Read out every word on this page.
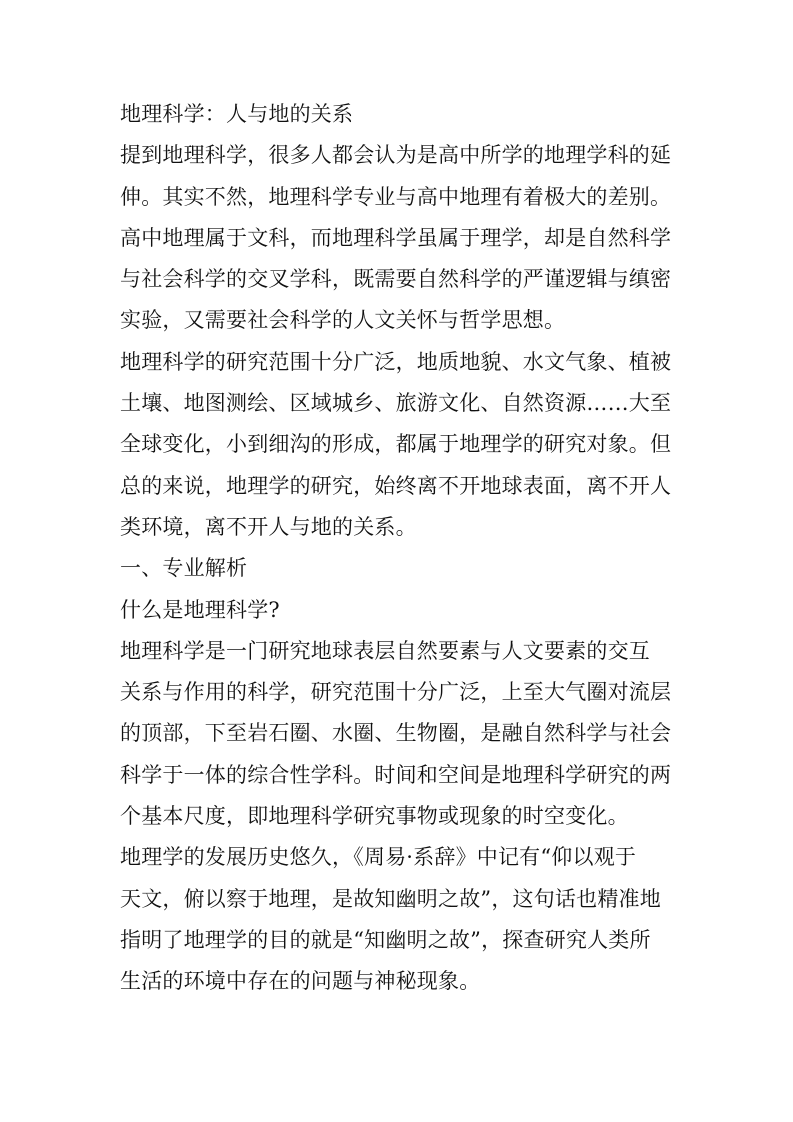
地理科学：人与地的关系
提到地理科学，很多人都会认为是高中所学的地理学科的延
伸。其实不然，地理科学专业与高中地理有着极大的差别。
高中地理属于文科，而地理科学虽属于理学，却是自然科学
与社会科学的交叉学科，既需要自然科学的严谨逻辑与缜密
实验，又需要社会科学的人文关怀与哲学思想。
地理科学的研究范围十分广泛，地质地貌、水文气象、植被
土壤、地图测绘、区域城乡、旅游文化、自然资源……大至
全球变化，小到细沟的形成，都属于地理学的研究对象。但
总的来说，地理学的研究，始终离不开地球表面，离不开人
类环境，离不开人与地的关系。
一、专业解析
什么是地理科学?
地理科学是一门研究地球表层自然要素与人文要素的交互
关系与作用的科学，研究范围十分广泛，上至大气圈对流层
的顶部，下至岩石圈、水圈、生物圈，是融自然科学与社会
科学于一体的综合性学科。时间和空间是地理科学研究的两
个基本尺度，即地理科学研究事物或现象的时空变化。
地理学的发展历史悠久，《周易·系辞》中记有“仰以观于
天文，俯以察于地理，是故知幽明之故”，这句话也精准地
指明了地理学的目的就是“知幽明之故”，探查研究人类所
生活的环境中存在的问题与神秘现象。
